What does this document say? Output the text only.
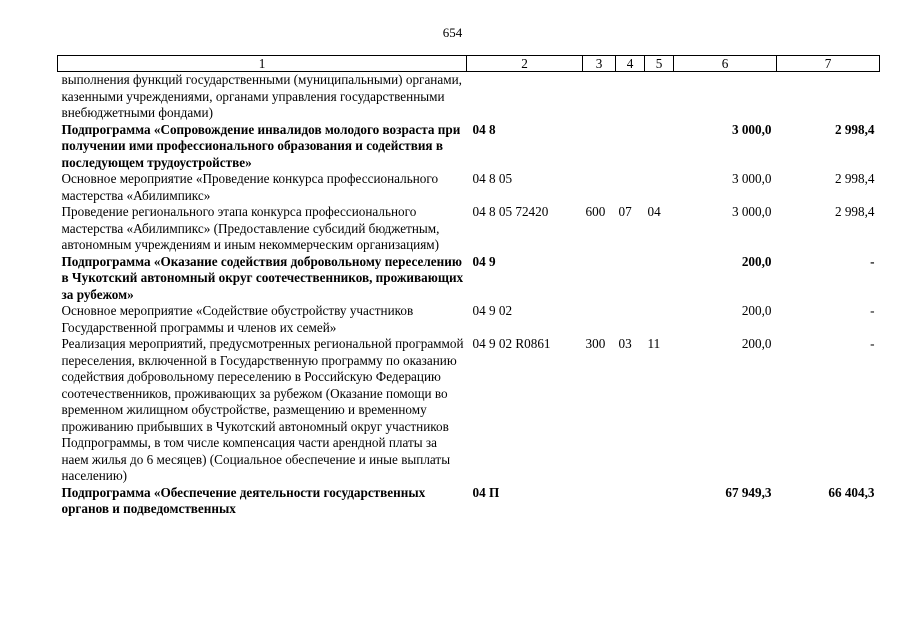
654
1	2	3	4	5	6	7
выполнения функций государственными (муниципальными) органами, казенными учреждениями, органами управления государственными внебюджетными фондами)						
Подпрограмма «Сопровождение инвалидов молодого возраста при получении ими профессионального образования и содействия в последующем трудоустройстве»	04 8				3 000,0	2 998,4
Основное мероприятие «Проведение конкурса профессионального мастерства «Абилимпикс»	04 8 05				3 000,0	2 998,4
Проведение регионального этапа конкурса профессионального мастерства «Абилимпикс» (Предоставление субсидий бюджетным, автономным учреждениям и иным некоммерческим организациям)	04 8 05 72420	600	07	04	3 000,0	2 998,4
Подпрограмма «Оказание содействия добровольному переселению в Чукотский автономный округ соотечественников, проживающих за рубежом»	04 9				200,0	-
Основное мероприятие «Содействие обустройству участников Государственной программы и членов их семей»	04 9 02				200,0	-
Реализация мероприятий, предусмотренных региональной программой переселения, включенной в Государственную программу по оказанию содействия добровольному переселению в Российскую Федерацию соотечественников, проживающих за рубежом (Оказание помощи во временном жилищном обустройстве, размещению и временному проживанию прибывших в Чукотский автономный округ участников Подпрограммы, в том числе компенсация части арендной платы за наем жилья до 6 месяцев) (Социальное обеспечение и иные выплаты населению)	04 9 02 R0861	300	03	11	200,0	-
Подпрограмма «Обеспечение деятельности государственных органов и подведомственных	04 П				67 949,3	66 404,3
